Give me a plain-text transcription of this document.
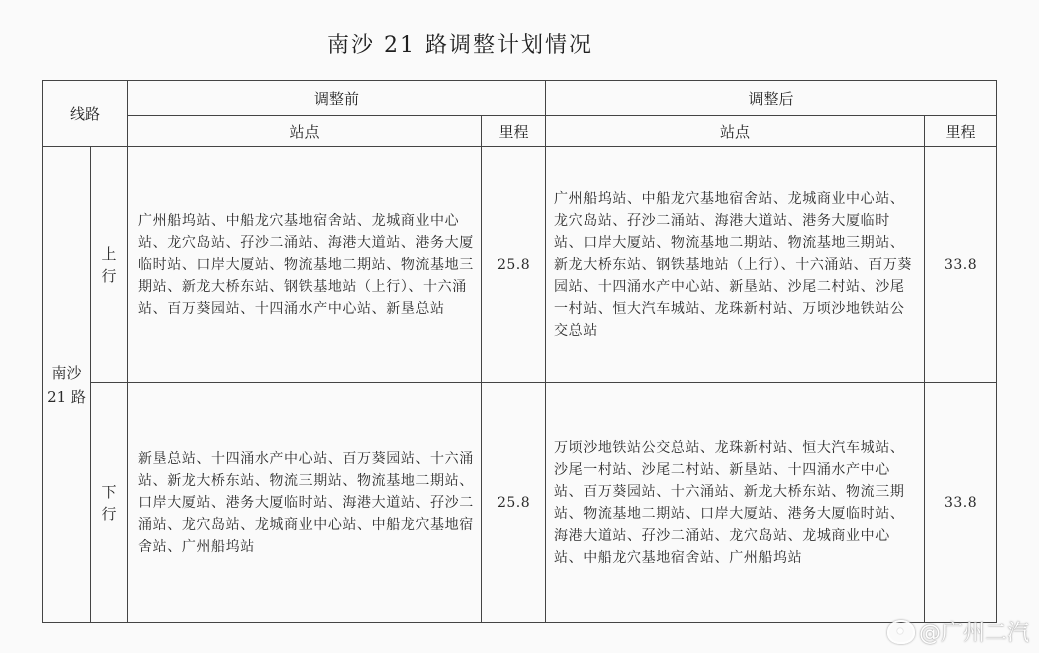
南沙 21 路调整计划情况
线路		调整前		调整后	
		站点	里程	站点	里程

南沙
21 路	上行	广州船坞站、中船龙穴基地宿舍站、龙城商业中心站、龙穴岛站、孖沙二涌站、海港大道站、港务大厦临时站、口岸大厦站、物流基地二期站、物流基地三期站、新龙大桥东站、钢铁基地站（上行）、十六涌站、百万葵园站、十四涌水产中心站、新垦总站	25.8	广州船坞站、中船龙穴基地宿舍站、龙城商业中心站、龙穴岛站、孖沙二涌站、海港大道站、港务大厦临时站、口岸大厦站、物流基地二期站、物流基地三期站、新龙大桥东站、钢铁基地站（上行）、十六涌站、百万葵园站、十四涌水产中心站、新垦站、沙尾二村站、沙尾一村站、恒大汽车城站、龙珠新村站、万顷沙地铁站公交总站	33.8

	下行	新垦总站、十四涌水产中心站、百万葵园站、十六涌站、新龙大桥东站、物流三期站、物流基地二期站、口岸大厦站、港务大厦临时站、海港大道站、孖沙二涌站、龙穴岛站、龙城商业中心站、中船龙穴基地宿舍站、广州船坞站	25.8	万顷沙地铁站公交总站、龙珠新村站、恒大汽车城站、沙尾一村站、沙尾二村站、新垦站、十四涌水产中心站、百万葵园站、十六涌站、新龙大桥东站、物流三期站、物流基地二期站、口岸大厦站、港务大厦临时站、海港大道站、孖沙二涌站、龙穴岛站、龙城商业中心站、中船龙穴基地宿舍站、广州船坞站	33.8
@广州二汽
